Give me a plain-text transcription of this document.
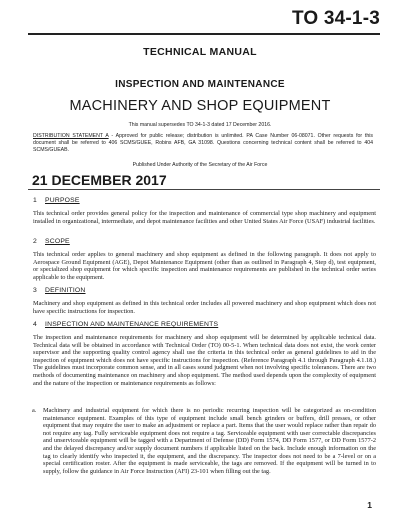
TO 34-1-3
TECHNICAL MANUAL
INSPECTION AND MAINTENANCE
MACHINERY AND SHOP EQUIPMENT
This manual supersedes TO 34-1-3 dated 17 December 2016.
DISTRIBUTION STATEMENT A - Approved for public release; distribution is unlimited. PA Case Number 06-08071. Other requests for this document shall be referred to 406 SCMS/GUEE, Robins AFB, GA 31098. Questions concerning technical content shall be referred to 404 SCMS/GUEAB.
Published Under Authority of the Secretary of the Air Force
21 DECEMBER 2017
1 PURPOSE
This technical order provides general policy for the inspection and maintenance of commercial type shop machinery and equipment installed in organizational, intermediate, and depot maintenance facilities and other United States Air Force (USAF) industrial facilities.
2 SCOPE
This technical order applies to general machinery and shop equipment as defined in the following paragraph. It does not apply to Aerospace Ground Equipment (AGE), Depot Maintenance Equipment (other than as outlined in Paragraph 4, Step d), test equipment, or specialized shop equipment for which specific inspection and maintenance requirements are published in the technical order series applicable to the equipment.
3 DEFINITION
Machinery and shop equipment as defined in this technical order includes all powered machinery and shop equipment which does not have specific instructions for inspection.
4 INSPECTION AND MAINTENANCE REQUIREMENTS
The inspection and maintenance requirements for machinery and shop equipment will be determined by applicable technical data. Technical data will be obtained in accordance with Technical Order (TO) 00-5-1. When technical data does not exist, the work center supervisor and the supporting quality control agency shall use the criteria in this technical order as general guidelines to aid in the inspection of equipment which does not have specific instructions for inspection. (Reference Paragraph 4.1 through Paragraph 4.1.18.) The guidelines must incorporate common sense, and in all cases sound judgment when not involving specific tolerances. There are two methods of documenting maintenance on machinery and shop equipment. The method used depends upon the complexity of equipment and the nature of the inspection or maintenance requirements as follows:
a. Machinery and industrial equipment for which there is no periodic recurring inspection will be categorized as on-condition maintenance equipment. Examples of this type of equipment include small bench grinders or buffers, drill presses, or other equipment that may require the user to make an adjustment or replace a part. Items that the user would replace rather than repair do not require any tag. Fully serviceable equipment does not require a tag. Serviceable equipment with user correctable discrepancies and unserviceable equipment will be tagged with a Department of Defense (DD) Form 1574, DD Form 1577, or DD Form 1577-2 and the delayed discrepancy and/or supply document numbers if applicable listed on the back. Include enough information on the tag to clearly identify who inspected it, the equipment, and the discrepancy. The inspector does not need to be a 7-level or on a special certification roster. After the equipment is made serviceable, the tags are removed. If the equipment will be turned in to supply, follow the guidance in Air Force Instruction (AFI) 23-101 when filling out the tag.
1
